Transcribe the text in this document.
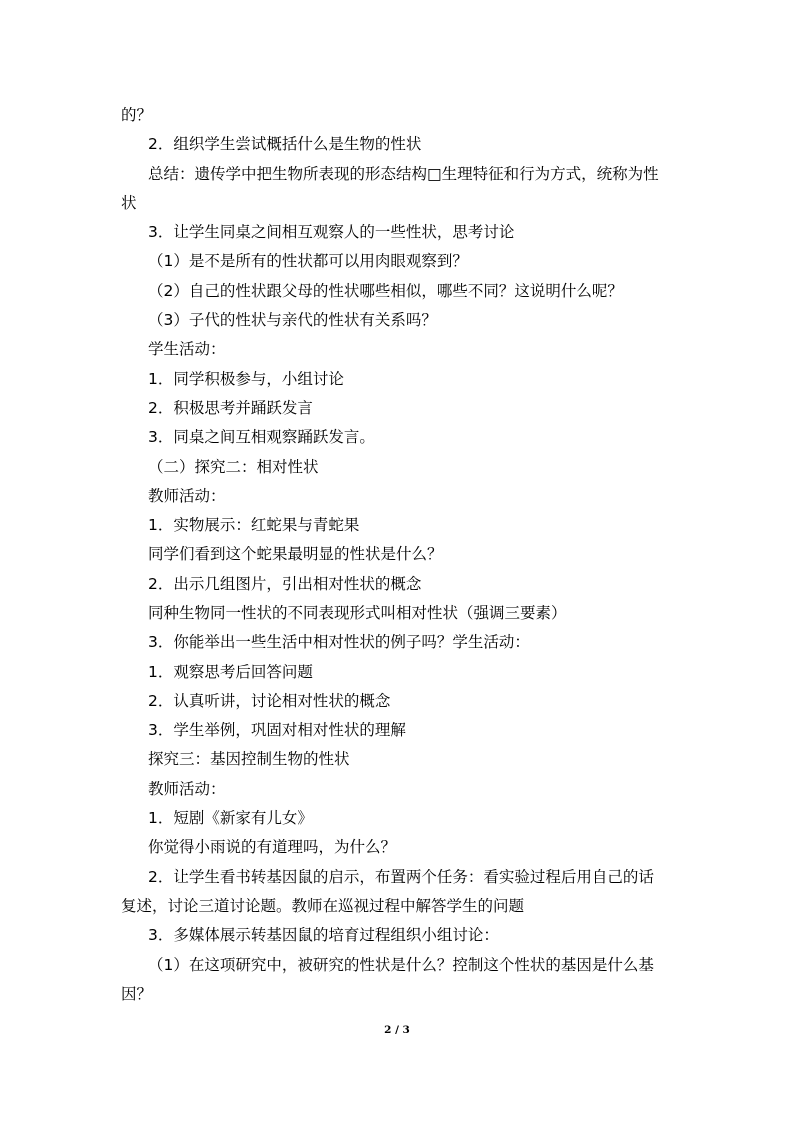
的？
2．组织学生尝试概括什么是生物的性状
总结：遗传学中把生物所表现的形态结构□生理特征和行为方式，统称为性
状
3．让学生同桌之间相互观察人的一些性状，思考讨论
（1）是不是所有的性状都可以用肉眼观察到？
（2）自己的性状跟父母的性状哪些相似，哪些不同？这说明什么呢？
（3）子代的性状与亲代的性状有关系吗？
学生活动：
1．同学积极参与，小组讨论
2．积极思考并踊跃发言
3．同桌之间互相观察踊跃发言。
（二）探究二：相对性状
教师活动：
1．实物展示：红蛇果与青蛇果
同学们看到这个蛇果最明显的性状是什么？
2．出示几组图片，引出相对性状的概念
同种生物同一性状的不同表现形式叫相对性状（强调三要素）
3．你能举出一些生活中相对性状的例子吗？学生活动：
1．观察思考后回答问题
2．认真听讲，讨论相对性状的概念
3．学生举例，巩固对相对性状的理解
探究三：基因控制生物的性状
教师活动：
1．短剧《新家有儿女》
你觉得小雨说的有道理吗，为什么？
2．让学生看书转基因鼠的启示，布置两个任务：看实验过程后用自己的话
复述，讨论三道讨论题。教师在巡视过程中解答学生的问题
3．多媒体展示转基因鼠的培育过程组织小组讨论：
（1）在这项研究中，被研究的性状是什么？控制这个性状的基因是什么基
因？
2 / 3
